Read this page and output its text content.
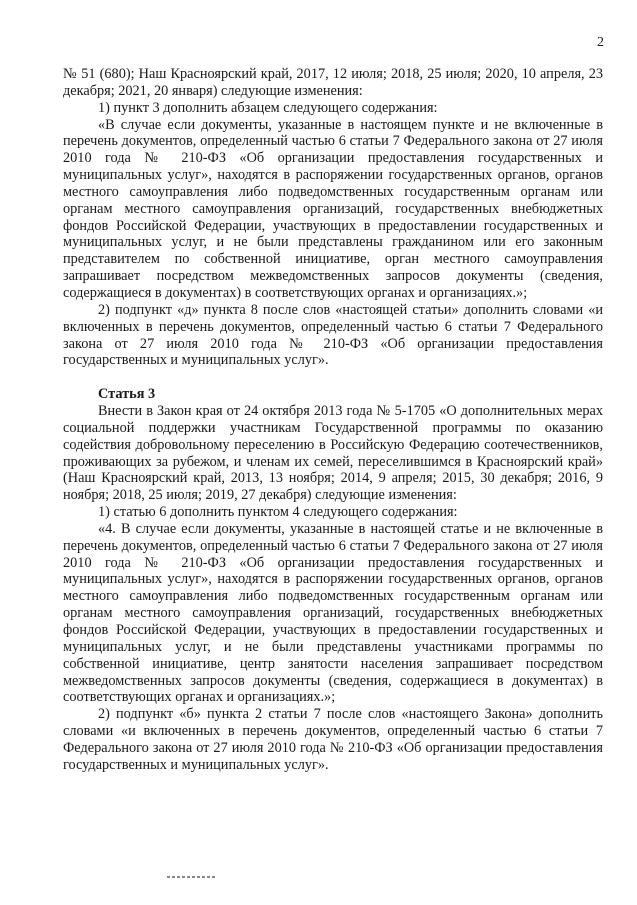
2

№ 51 (680); Наш Красноярский край, 2017, 12 июля; 2018, 25 июля; 2020, 10 апреля, 23 декабря; 2021, 20 января) следующие изменения:

1) пункт 3 дополнить абзацем следующего содержания:

«В случае если документы, указанные в настоящем пункте и не включенные в перечень документов, определенный частью 6 статьи 7 Федерального закона от 27 июля 2010 года № 210-ФЗ «Об организации предоставления государственных и муниципальных услуг», находятся в распоряжении государственных органов, органов местного самоуправления либо подведомственных государственным органам или органам местного самоуправления организаций, государственных внебюджетных фондов Российской Федерации, участвующих в предоставлении государственных и муниципальных услуг, и не были представлены гражданином или его законным представителем по собственной инициативе, орган местного самоуправления запрашивает посредством межведомственных запросов документы (сведения, содержащиеся в документах) в соответствующих органах и организациях.»;

2) подпункт «д» пункта 8 после слов «настоящей статьи» дополнить словами «и включенных в перечень документов, определенный частью 6 статьи 7 Федерального закона от 27 июля 2010 года № 210-ФЗ «Об организации предоставления государственных и муниципальных услуг».

Статья 3

Внести в Закон края от 24 октября 2013 года № 5-1705 «О дополнительных мерах социальной поддержки участникам Государственной программы по оказанию содействия добровольному переселению в Российскую Федерацию соотечественников, проживающих за рубежом, и членам их семей, переселившимся в Красноярский край» (Наш Красноярский край, 2013, 13 ноября; 2014, 9 апреля; 2015, 30 декабря; 2016, 9 ноября; 2018, 25 июля; 2019, 27 декабря) следующие изменения:

1) статью 6 дополнить пунктом 4 следующего содержания:

«4. В случае если документы, указанные в настоящей статье и не включенные в перечень документов, определенный частью 6 статьи 7 Федерального закона от 27 июля 2010 года № 210-ФЗ «Об организации предоставления государственных и муниципальных услуг», находятся в распоряжении государственных органов, органов местного самоуправления либо подведомственных государственным органам или органам местного самоуправления организаций, государственных внебюджетных фондов Российской Федерации, участвующих в предоставлении государственных и муниципальных услуг, и не были представлены участниками программы по собственной инициативе, центр занятости населения запрашивает посредством межведомственных запросов документы (сведения, содержащиеся в документах) в соответствующих органах и организациях.»;

2) подпункт «б» пункта 2 статьи 7 после слов «настоящего Закона» дополнить словами «и включенных в перечень документов, определенный частью 6 статьи 7 Федерального закона от 27 июля 2010 года № 210-ФЗ «Об организации предоставления государственных и муниципальных услуг».
